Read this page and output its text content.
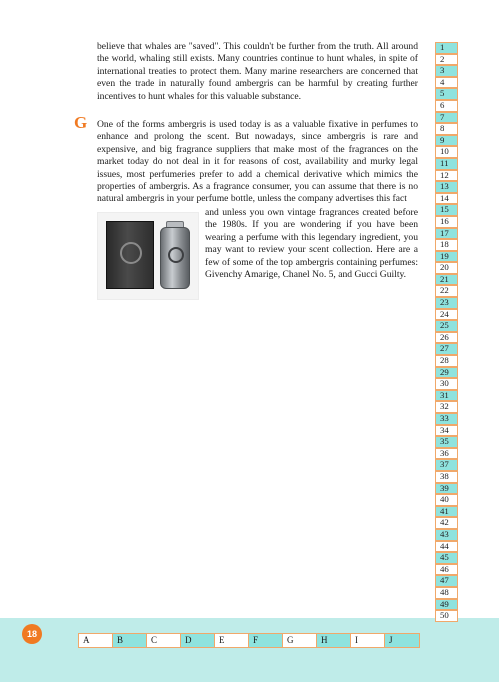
18

believe that whales are "saved". This couldn't be further from the truth. All around the world, whaling still exists. Many countries continue to hunt whales, in spite of international treaties to protect them. Many marine researchers are concerned that even the trade in naturally found ambergris can be harmful by creating further incentives to hunt whales for this valuable substance.

G One of the forms ambergris is used today is as a valuable fixative in perfumes to enhance and prolong the scent. But nowadays, since ambergris is rare and expensive, and big fragrance suppliers that make most of the fragrances on the market today do not deal in it for reasons of cost, availability and murky legal issues, most perfumeries prefer to add a chemical derivative which mimics the properties of ambergris. As a fragrance consumer, you can assume that there is no natural ambergris in your perfume bottle, unless the company advertises this fact

and unless you own vintage fragrances created before the 1980s. If you are wondering if you have been wearing a perfume with this legendary ingredient, you may want to review your scent collection. Here are a few of some of the top ambergris containing perfumes: Givenchy Amarige, Chanel No. 5, and Gucci Guilty.

1
2
3
4
5
6
7
8
9
10
11
12
13
14
15
16
17
18
19
20
21
22
23
24
25
26
27
28
29
30
31
32
33
34
35
36
37
38
39
40
41
42
43
44
45
46
47
48
49
50
A	B	C	D	E	F	G	H	I	J
